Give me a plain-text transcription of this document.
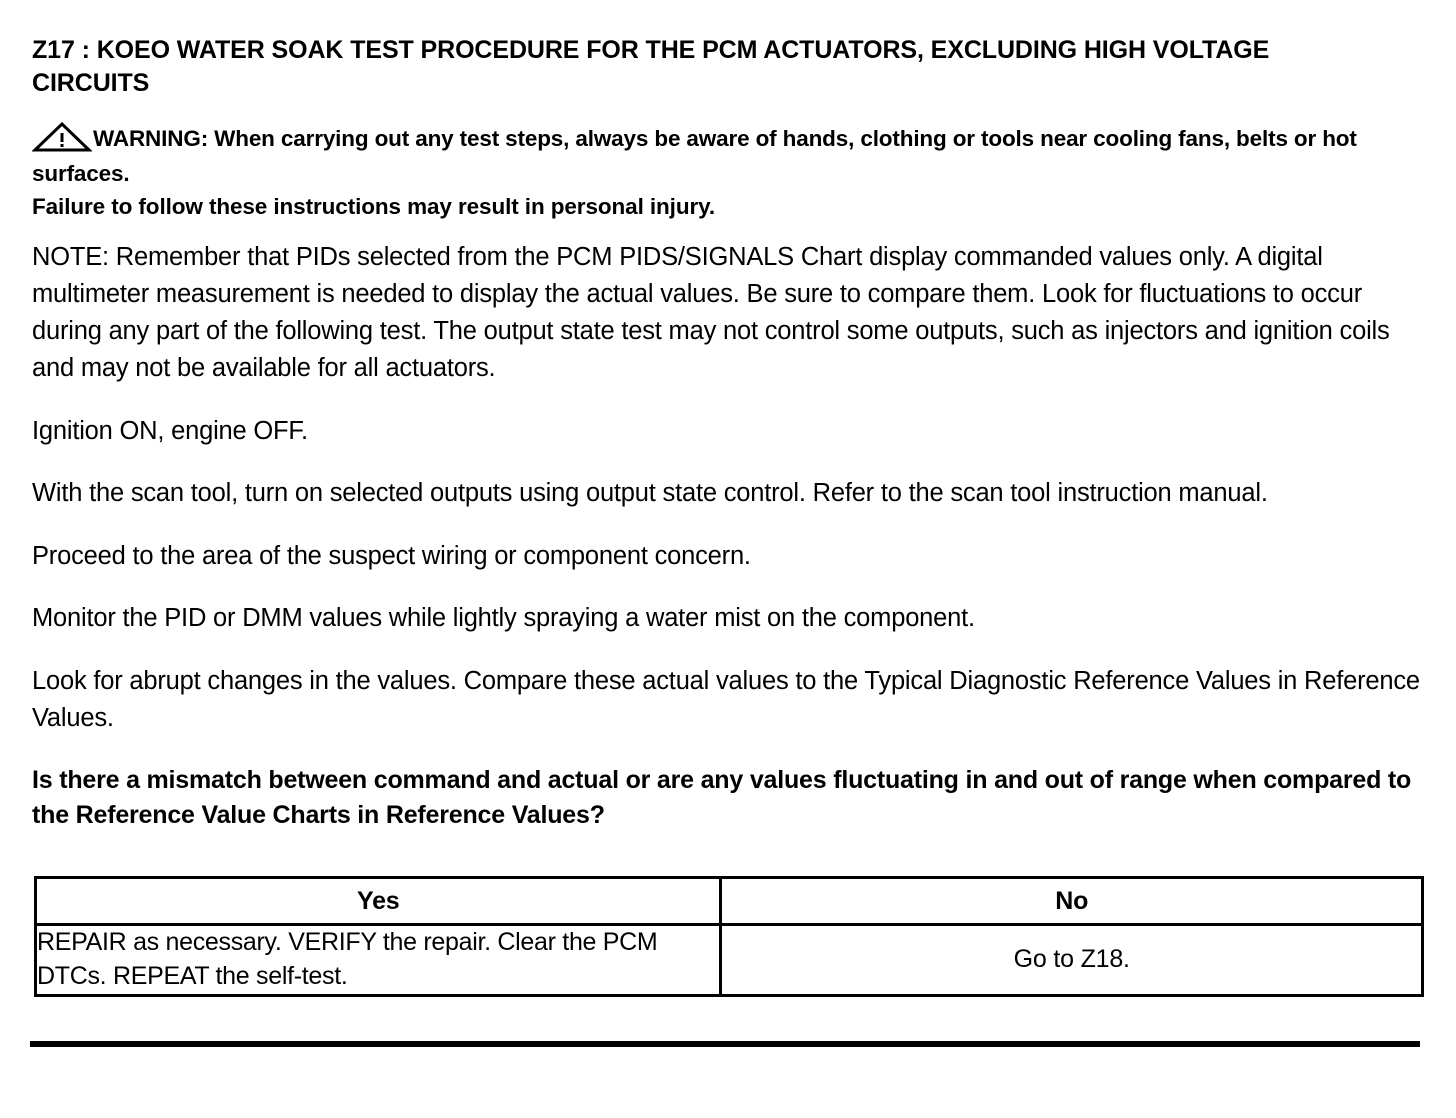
Z17 : KOEO WATER SOAK TEST PROCEDURE FOR THE PCM ACTUATORS, EXCLUDING HIGH VOLTAGE CIRCUITS
WARNING: When carrying out any test steps, always be aware of hands, clothing or tools near cooling fans, belts or hot surfaces.
Failure to follow these instructions may result in personal injury.

NOTE: Remember that PIDs selected from the PCM PIDS/SIGNALS Chart display commanded values only. A digital multimeter measurement is needed to display the actual values. Be sure to compare them. Look for fluctuations to occur during any part of the following test. The output state test may not control some outputs, such as injectors and ignition coils and may not be available for all actuators.

Ignition ON, engine OFF.

With the scan tool, turn on selected outputs using output state control. Refer to the scan tool instruction manual.

Proceed to the area of the suspect wiring or component concern.

Monitor the PID or DMM values while lightly spraying a water mist on the component.

Look for abrupt changes in the values. Compare these actual values to the Typical Diagnostic Reference Values in Reference Values.

Is there a mismatch between command and actual or are any values fluctuating in and out of range when compared to the Reference Value Charts in Reference Values?

Yes	No
REPAIR as necessary. VERIFY the repair. Clear the PCM DTCs. REPEAT the self-test.	Go to Z18.
